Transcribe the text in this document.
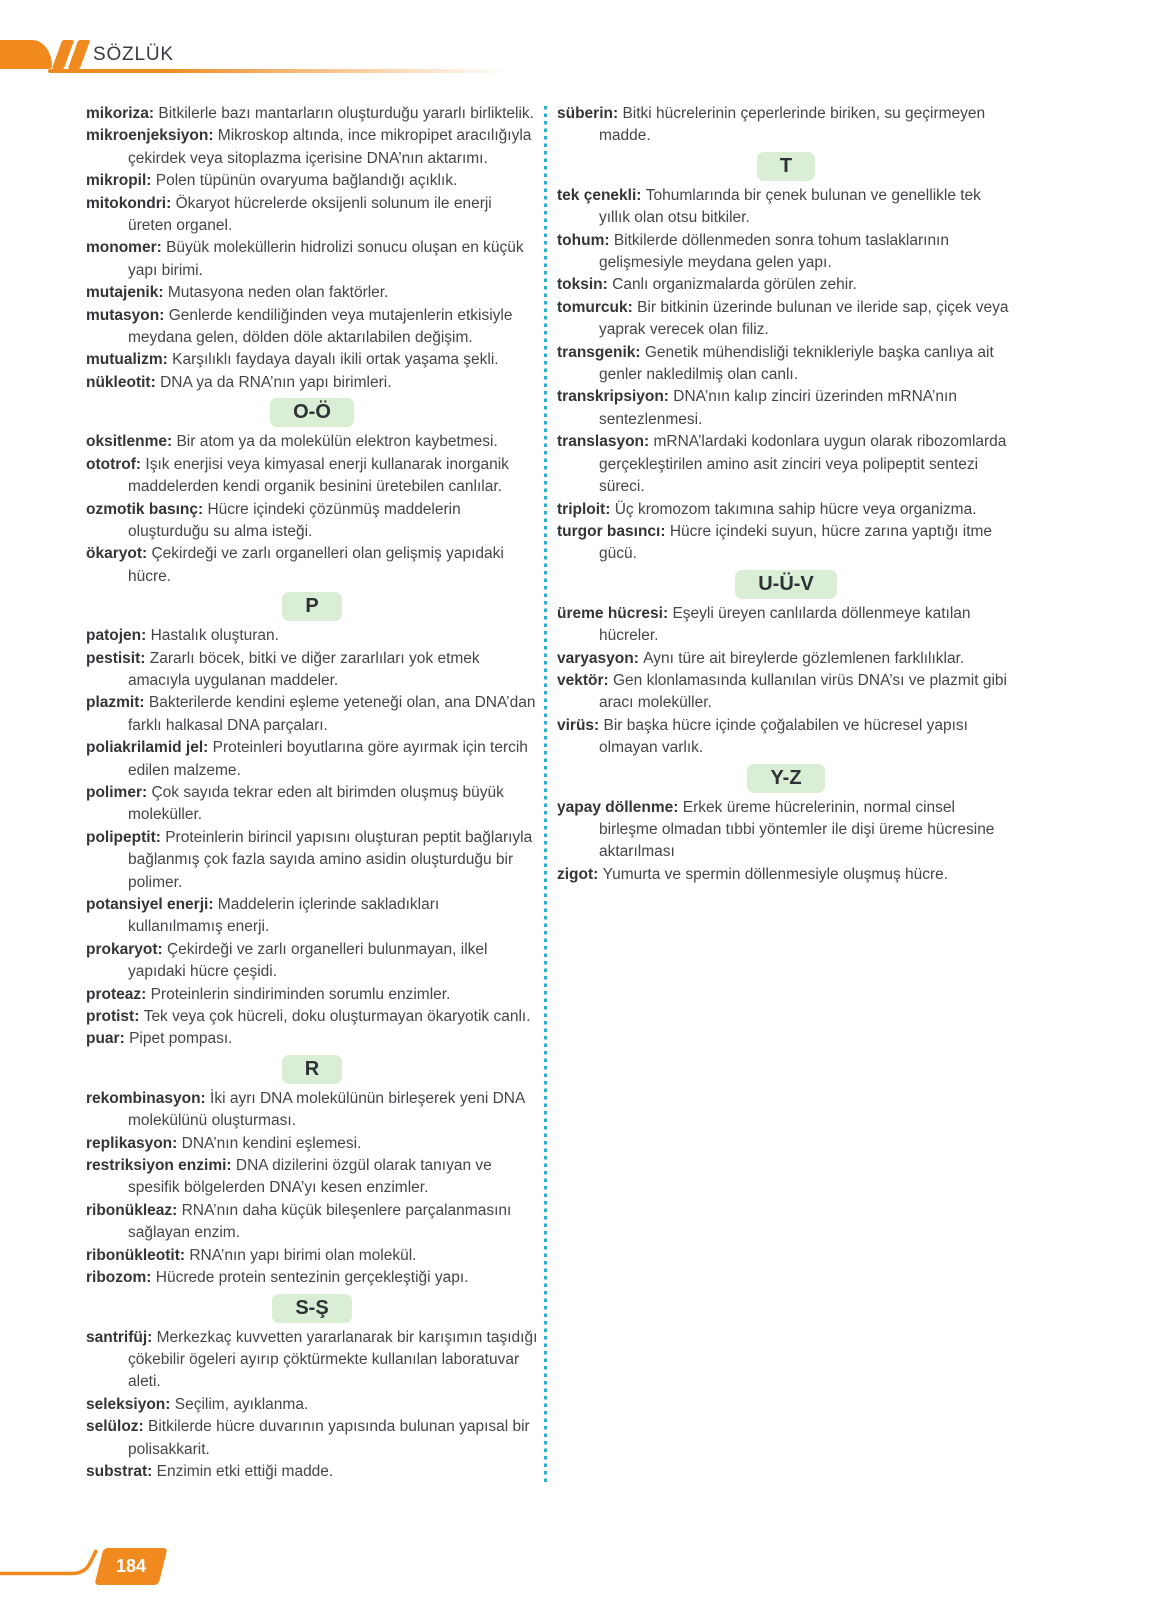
SÖZLÜK

mikoriza: Bitkilerle bazı mantarların oluşturduğu yararlı birliktelik.

mikroenjeksiyon: Mikroskop altında, ince mikropipet aracılığıyla çekirdek veya sitoplazma içerisine DNA’nın aktarımı.

mikropil: Polen tüpünün ovaryuma bağlandığı açıklık.

mitokondri: Ökaryot hücrelerde oksijenli solunum ile enerji üreten organel.

monomer: Büyük moleküllerin hidrolizi sonucu oluşan en küçük yapı birimi.

mutajenik: Mutasyona neden olan faktörler.

mutasyon: Genlerde kendiliğinden veya mutajenlerin etkisiyle meydana gelen, dölden döle aktarılabilen değişim.

mutualizm: Karşılıklı faydaya dayalı ikili ortak yaşama şekli.

nükleotit: DNA ya da RNA’nın yapı birimleri.

O-Ö

oksitlenme: Bir atom ya da molekülün elektron kaybetmesi.

ototrof: Işık enerjisi veya kimyasal enerji kullanarak inorganik maddelerden kendi organik besinini üretebilen canlılar.

ozmotik basınç: Hücre içindeki çözünmüş maddelerin oluşturduğu su alma isteği.

ökaryot: Çekirdeği ve zarlı organelleri olan gelişmiş yapıdaki hücre.

P

patojen: Hastalık oluşturan.

pestisit: Zararlı böcek, bitki ve diğer zararlıları yok etmek amacıyla uygulanan maddeler.

plazmit: Bakterilerde kendini eşleme yeteneği olan, ana DNA’dan farklı halkasal DNA parçaları.

poliakrilamid jel: Proteinleri boyutlarına göre ayırmak için tercih edilen malzeme.

polimer: Çok sayıda tekrar eden alt birimden oluşmuş büyük moleküller.

polipeptit: Proteinlerin birincil yapısını oluşturan peptit bağlarıyla bağlanmış çok fazla sayıda amino asidin oluşturduğu bir polimer.

potansiyel enerji: Maddelerin içlerinde sakladıkları kullanılmamış enerji.

prokaryot: Çekirdeği ve zarlı organelleri bulunmayan, ilkel yapıdaki hücre çeşidi.

proteaz: Proteinlerin sindiriminden sorumlu enzimler.

protist: Tek veya çok hücreli, doku oluşturmayan ökaryotik canlı.

puar: Pipet pompası.

R

rekombinasyon: İki ayrı DNA molekülünün birleşerek yeni DNA molekülünü oluşturması.

replikasyon: DNA’nın kendini eşlemesi.

restriksiyon enzimi: DNA dizilerini özgül olarak tanıyan ve spesifik bölgelerden DNA’yı kesen enzimler.

ribonükleaz: RNA’nın daha küçük bileşenlere parçalanmasını sağlayan enzim.

ribonükleotit: RNA’nın yapı birimi olan molekül.

ribozom: Hücrede protein sentezinin gerçekleştiği yapı.

S-Ş

santrifüj: Merkezkaç kuvvetten yararlanarak bir karışımın taşıdığı çökebilir ögeleri ayırıp çöktürmekte kullanılan laboratuvar aleti.

seleksiyon: Seçilim, ayıklanma.

selüloz: Bitkilerde hücre duvarının yapısında bulunan yapısal bir polisakkarit.

substrat: Enzimin etki ettiği madde.

süberin: Bitki hücrelerinin çeperlerinde biriken, su geçirmeyen madde.

T

tek çenekli: Tohumlarında bir çenek bulunan ve genellikle tek yıllık olan otsu bitkiler.

tohum: Bitkilerde döllenmeden sonra tohum taslaklarının gelişmesiyle meydana gelen yapı.

toksin: Canlı organizmalarda görülen zehir.

tomurcuk: Bir bitkinin üzerinde bulunan ve ileride sap, çiçek veya yaprak verecek olan filiz.

transgenik: Genetik mühendisliği teknikleriyle başka canlıya ait genler nakledilmiş olan canlı.

transkripsiyon: DNA’nın kalıp zinciri üzerinden mRNA’nın sentezlenmesi.

translasyon: mRNA’lardaki kodonlara uygun olarak ribozomlarda gerçekleştirilen amino asit zinciri veya polipeptit sentezi süreci.

triploit: Üç kromozom takımına sahip hücre veya organizma.

turgor basıncı: Hücre içindeki suyun, hücre zarına yaptığı itme gücü.

U-Ü-V

üreme hücresi: Eşeyli üreyen canlılarda döllenmeye katılan hücreler.

varyasyon: Aynı türe ait bireylerde gözlemlenen farklılıklar.

vektör: Gen klonlamasında kullanılan virüs DNA’sı ve plazmit gibi aracı moleküller.

virüs: Bir başka hücre içinde çoğalabilen ve hücresel yapısı olmayan varlık.

Y-Z

yapay döllenme: Erkek üreme hücrelerinin, normal cinsel birleşme olmadan tıbbi yöntemler ile dişi üreme hücresine aktarılması

zigot: Yumurta ve spermin döllenmesiyle oluşmuş hücre.

184
